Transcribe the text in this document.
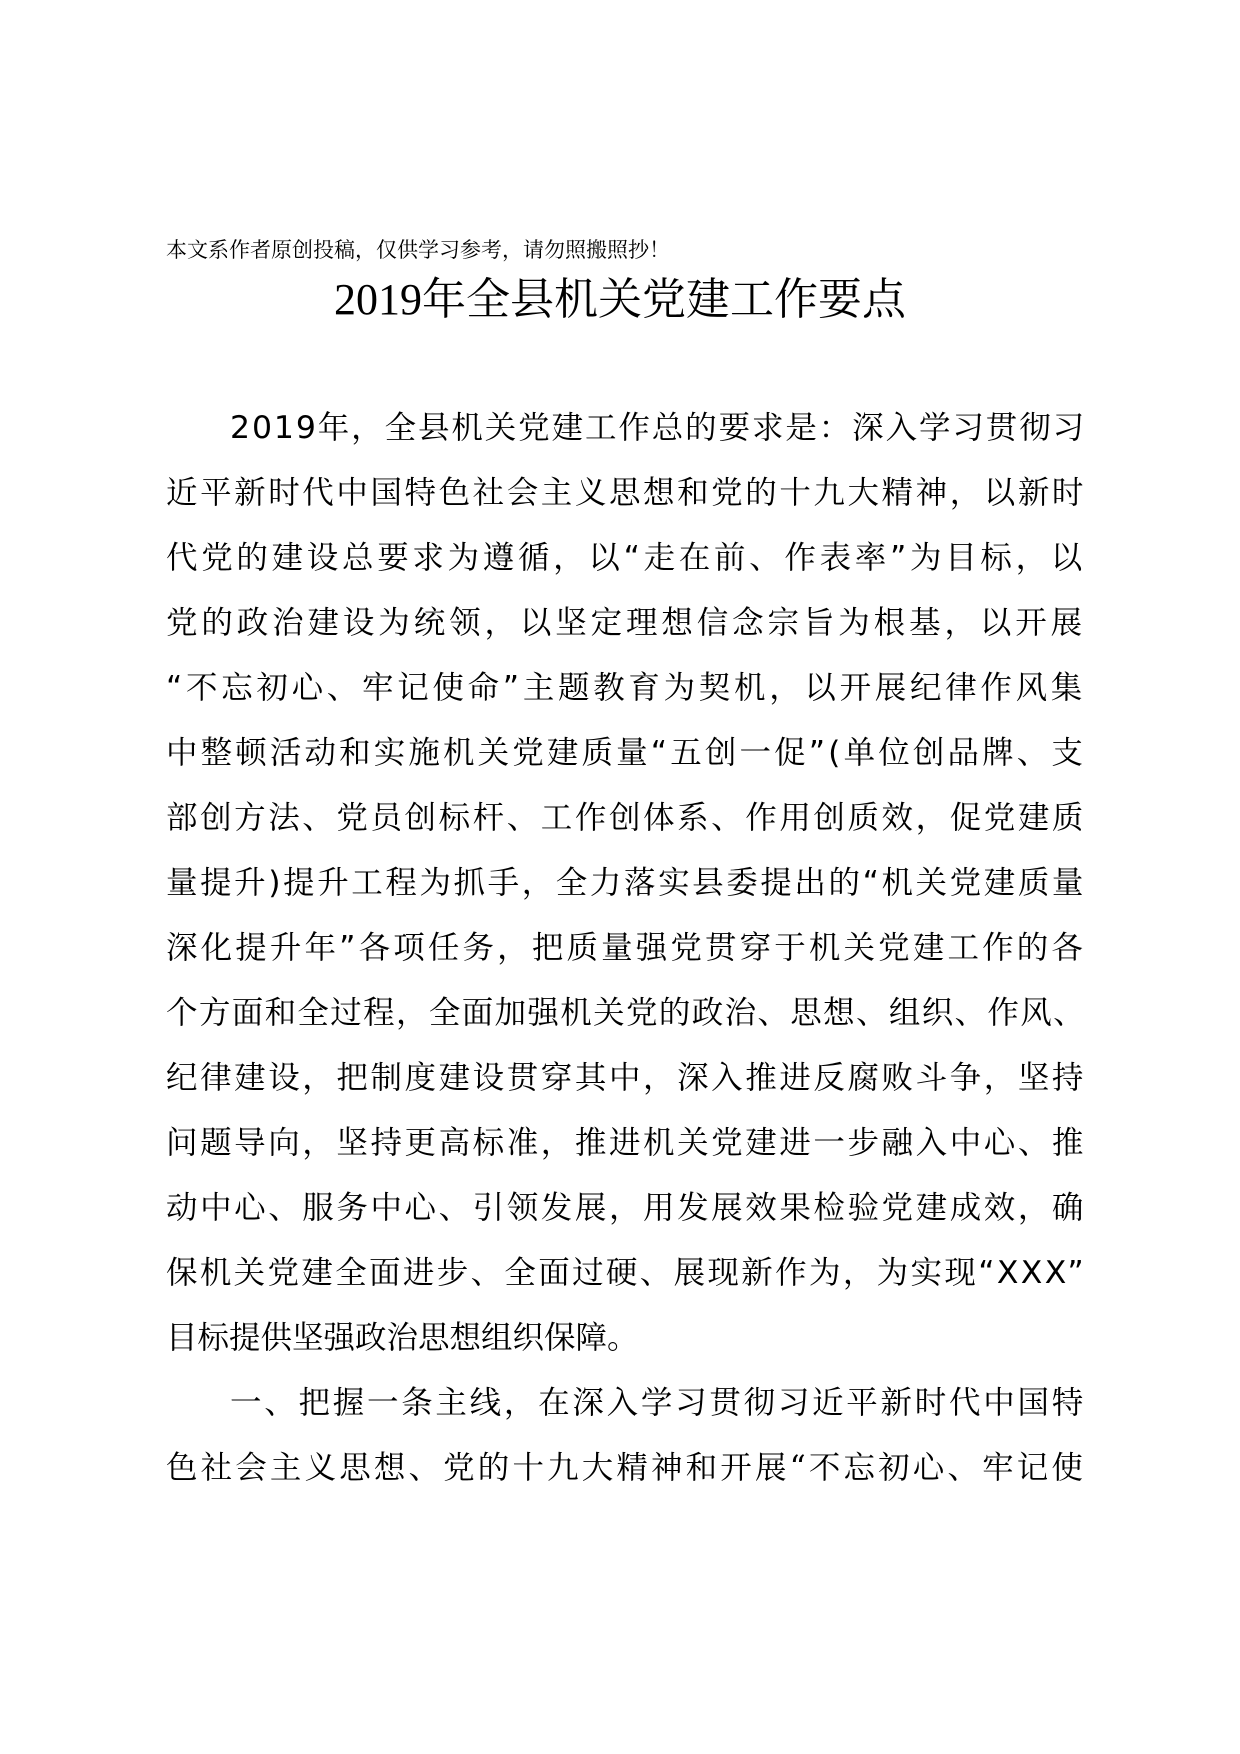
本文系作者原创投稿，仅供学习参考，请勿照搬照抄！
2019年全县机关党建工作要点
2019年，全县机关党建工作总的要求是：深入学习贯彻习
近平新时代中国特色社会主义思想和党的十九大精神，以新时
代党的建设总要求为遵循，以“走在前、作表率”为目标，以
党的政治建设为统领，以坚定理想信念宗旨为根基，以开展
“不忘初心、牢记使命”主题教育为契机，以开展纪律作风集
中整顿活动和实施机关党建质量“五创一促”(单位创品牌、支
部创方法、党员创标杆、工作创体系、作用创质效，促党建质
量提升)提升工程为抓手，全力落实县委提出的“机关党建质量
深化提升年”各项任务，把质量强党贯穿于机关党建工作的各
个方面和全过程，全面加强机关党的政治、思想、组织、作风、
纪律建设，把制度建设贯穿其中，深入推进反腐败斗争，坚持
问题导向，坚持更高标准，推进机关党建进一步融入中心、推
动中心、服务中心、引领发展，用发展效果检验党建成效，确
保机关党建全面进步、全面过硬、展现新作为，为实现“XXX”
目标提供坚强政治思想组织保障。
一、把握一条主线，在深入学习贯彻习近平新时代中国特
色社会主义思想、党的十九大精神和开展“不忘初心、牢记使
